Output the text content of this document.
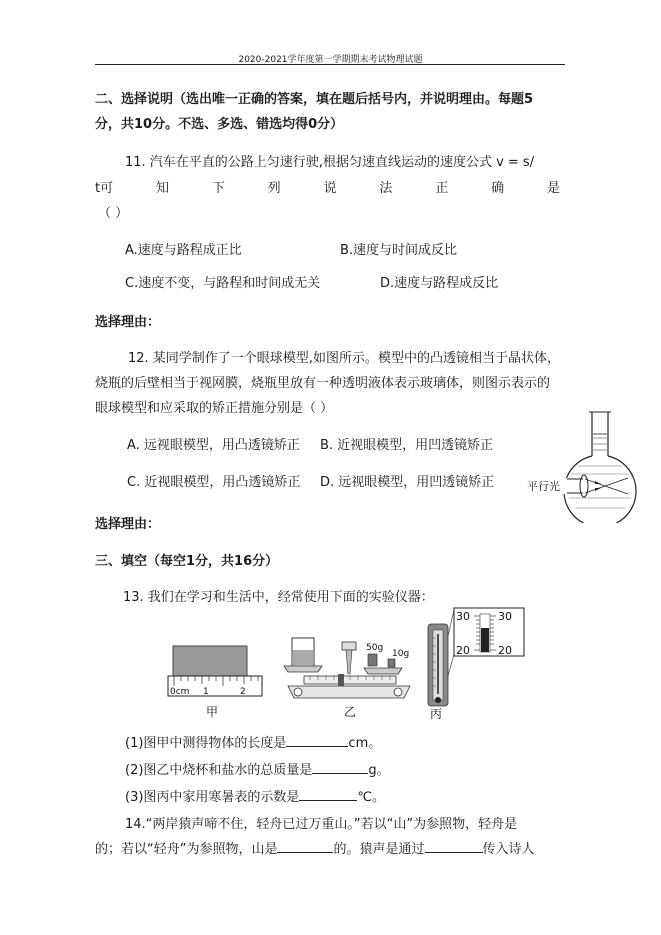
2020-2021学年度第一学期期末考试物理试题
二、选择说明（选出唯一正确的答案，填在题后括号内，并说明理由。每题5
分，共10分。不选、多选、错选均得0分）
11. 汽车在平直的公路上匀速行驶,根据匀速直线运动的速度公式 v = s/
t可	知	下	列	说	法	正	确	是
（ ）
A.速度与路程成正比	B.速度与时间成反比
C.速度不变，与路程和时间成无关	D.速度与路程成反比
选择理由：
12. 某同学制作了一个眼球模型,如图所示。模型中的凸透镜相当于晶状体，
烧瓶的后壁相当于视网膜，烧瓶里放有一种透明液体表示玻璃体，则图示表示的
眼球模型和应采取的矫正措施分别是（ ）
A. 远视眼模型，用凸透镜矫正 B. 近视眼模型，用凹透镜矫正
C. 近视眼模型，用凸透镜矫正 D. 远视眼模型，用凹透镜矫正	平行光
选择理由：
三、填空（每空1分，共16分）
13. 我们在学习和生活中，经常使用下面的实验仪器：
0cm 1	2
甲
50g
10g
乙
30	30
20	20
丙
(1)图甲中测得物体的长度是	cm。
(2)图乙中烧杯和盐水的总质量是	g。
(3)图丙中家用寒暑表的示数是	℃。
14.“两岸猿声啼不住，轻舟已过万重山。”若以“山”为参照物，轻舟是
的；若以“轻舟”为参照物，山是	的。猿声是通过	传入诗人
